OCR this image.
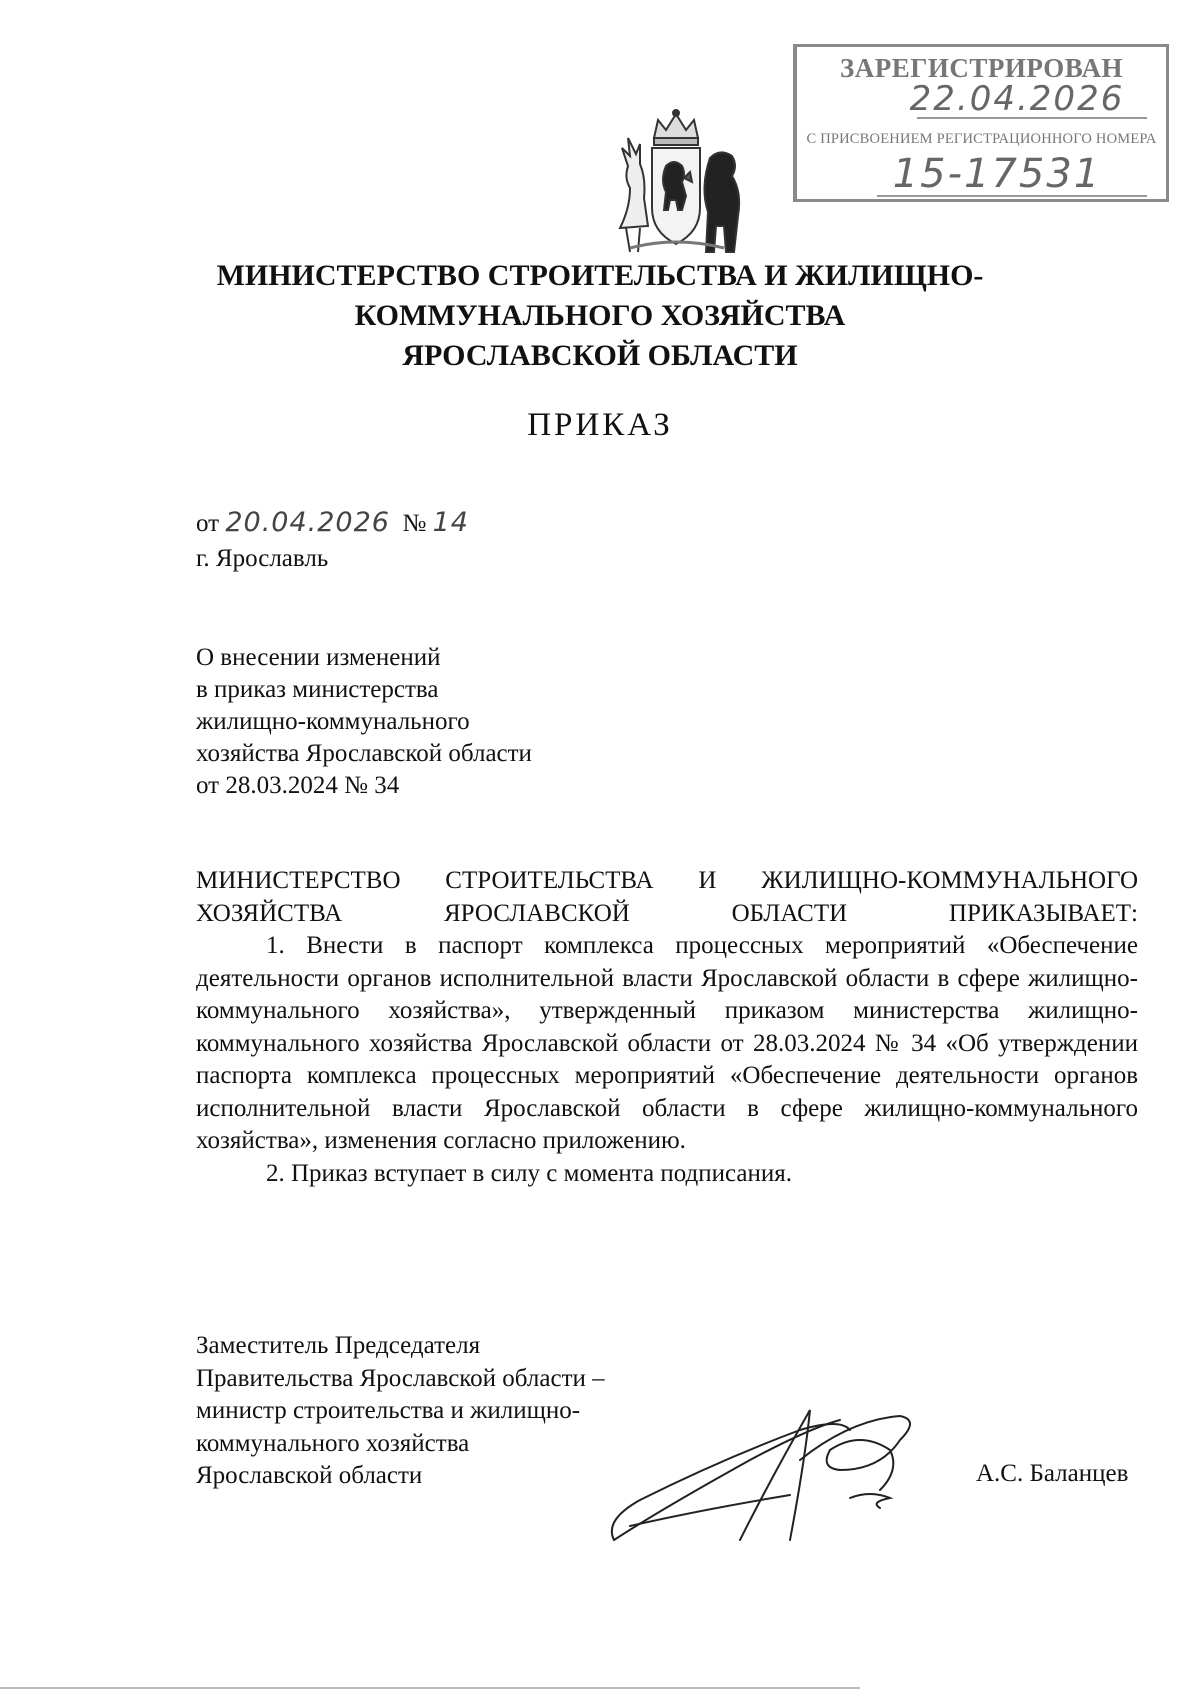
ЗАРЕГИСТРИРОВАН
22.04.2026
С ПРИСВОЕНИЕМ РЕГИСТРАЦИОННОГО НОМЕРА
15-17531
МИНИСТЕРСТВО СТРОИТЕЛЬСТВА И ЖИЛИЩНО-
КОММУНАЛЬНОГО ХОЗЯЙСТВА
ЯРОСЛАВСКОЙ ОБЛАСТИ
ПРИКАЗ
от 20.04.2026 № 14
г. Ярославль
О внесении изменений
в приказ министерства
жилищно-коммунального
хозяйства Ярославской области
от 28.03.2024 № 34
МИНИСТЕРСТВО СТРОИТЕЛЬСТВА И ЖИЛИЩНО-КОММУНАЛЬНОГО
ХОЗЯЙСТВА ЯРОСЛАВСКОЙ ОБЛАСТИ ПРИКАЗЫВАЕТ:
1. Внести в паспорт комплекса процессных мероприятий «Обеспечение деятельности органов исполнительной власти Ярославской области в сфере жилищно-коммунального хозяйства», утвержденный приказом министерства жилищно-коммунального хозяйства Ярославской области от 28.03.2024 № 34 «Об утверждении паспорта комплекса процессных мероприятий «Обеспечение деятельности органов исполнительной власти Ярославской области в сфере жилищно-коммунального хозяйства», изменения согласно приложению.
2. Приказ вступает в силу с момента подписания.
Заместитель Председателя
Правительства Ярославской области –
министр строительства и жилищно-
коммунального хозяйства
Ярославской области	А.С. Баланцев
